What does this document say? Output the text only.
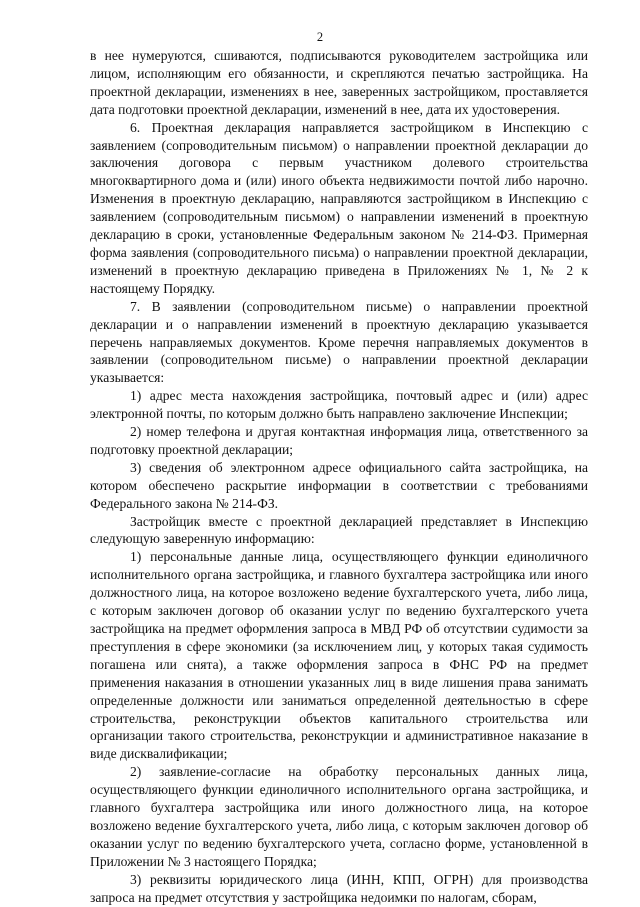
2

в нее нумеруются, сшиваются, подписываются руководителем застройщика или лицом, исполняющим его обязанности, и скрепляются печатью застройщика. На проектной декларации, изменениях в нее, заверенных застройщиком, проставляется дата подготовки проектной декларации, изменений в нее, дата их удостоверения.

6. Проектная декларация направляется застройщиком в Инспекцию с заявлением (сопроводительным письмом) о направлении проектной декларации до заключения договора с первым участником долевого строительства многоквартирного дома и (или) иного объекта недвижимости почтой либо нарочно. Изменения в проектную декларацию, направляются застройщиком в Инспекцию с заявлением (сопроводительным письмом) о направлении изменений в проектную декларацию в сроки, установленные Федеральным законом № 214-ФЗ. Примерная форма заявления (сопроводительного письма) о направлении проектной декларации, изменений в проектную декларацию приведена в Приложениях № 1, № 2 к настоящему Порядку.

7. В заявлении (сопроводительном письме) о направлении проектной декларации и о направлении изменений в проектную декларацию указывается перечень направляемых документов. Кроме перечня направляемых документов в заявлении (сопроводительном письме) о направлении проектной декларации указывается:

1) адрес места нахождения застройщика, почтовый адрес и (или) адрес электронной почты, по которым должно быть направлено заключение Инспекции;

2) номер телефона и другая контактная информация лица, ответственного за подготовку проектной декларации;

3) сведения об электронном адресе официального сайта застройщика, на котором обеспечено раскрытие информации в соответствии с требованиями Федерального закона № 214-ФЗ.

Застройщик вместе с проектной декларацией представляет в Инспекцию следующую заверенную информацию:

1) персональные данные лица, осуществляющего функции единоличного исполнительного органа застройщика, и главного бухгалтера застройщика или иного должностного лица, на которое возложено ведение бухгалтерского учета, либо лица, с которым заключен договор об оказании услуг по ведению бухгалтерского учета застройщика на предмет оформления запроса в МВД РФ об отсутствии судимости за преступления в сфере экономики (за исключением лиц, у которых такая судимость погашена или снята), а также оформления запроса в ФНС РФ на предмет применения наказания в отношении указанных лиц в виде лишения права занимать определенные должности или заниматься определенной деятельностью в сфере строительства, реконструкции объектов капитального строительства или организации такого строительства, реконструкции и административное наказание в виде дисквалификации;

2) заявление-согласие на обработку персональных данных лица, осуществляющего функции единоличного исполнительного органа застройщика, и главного бухгалтера застройщика или иного должностного лица, на которое возложено ведение бухгалтерского учета, либо лица, с которым заключен договор об оказании услуг по ведению бухгалтерского учета, согласно форме, установленной в Приложении № 3 настоящего Порядка;

3) реквизиты юридического лица (ИНН, КПП, ОГРН) для производства запроса на предмет отсутствия у застройщика недоимки по налогам, сборам,
